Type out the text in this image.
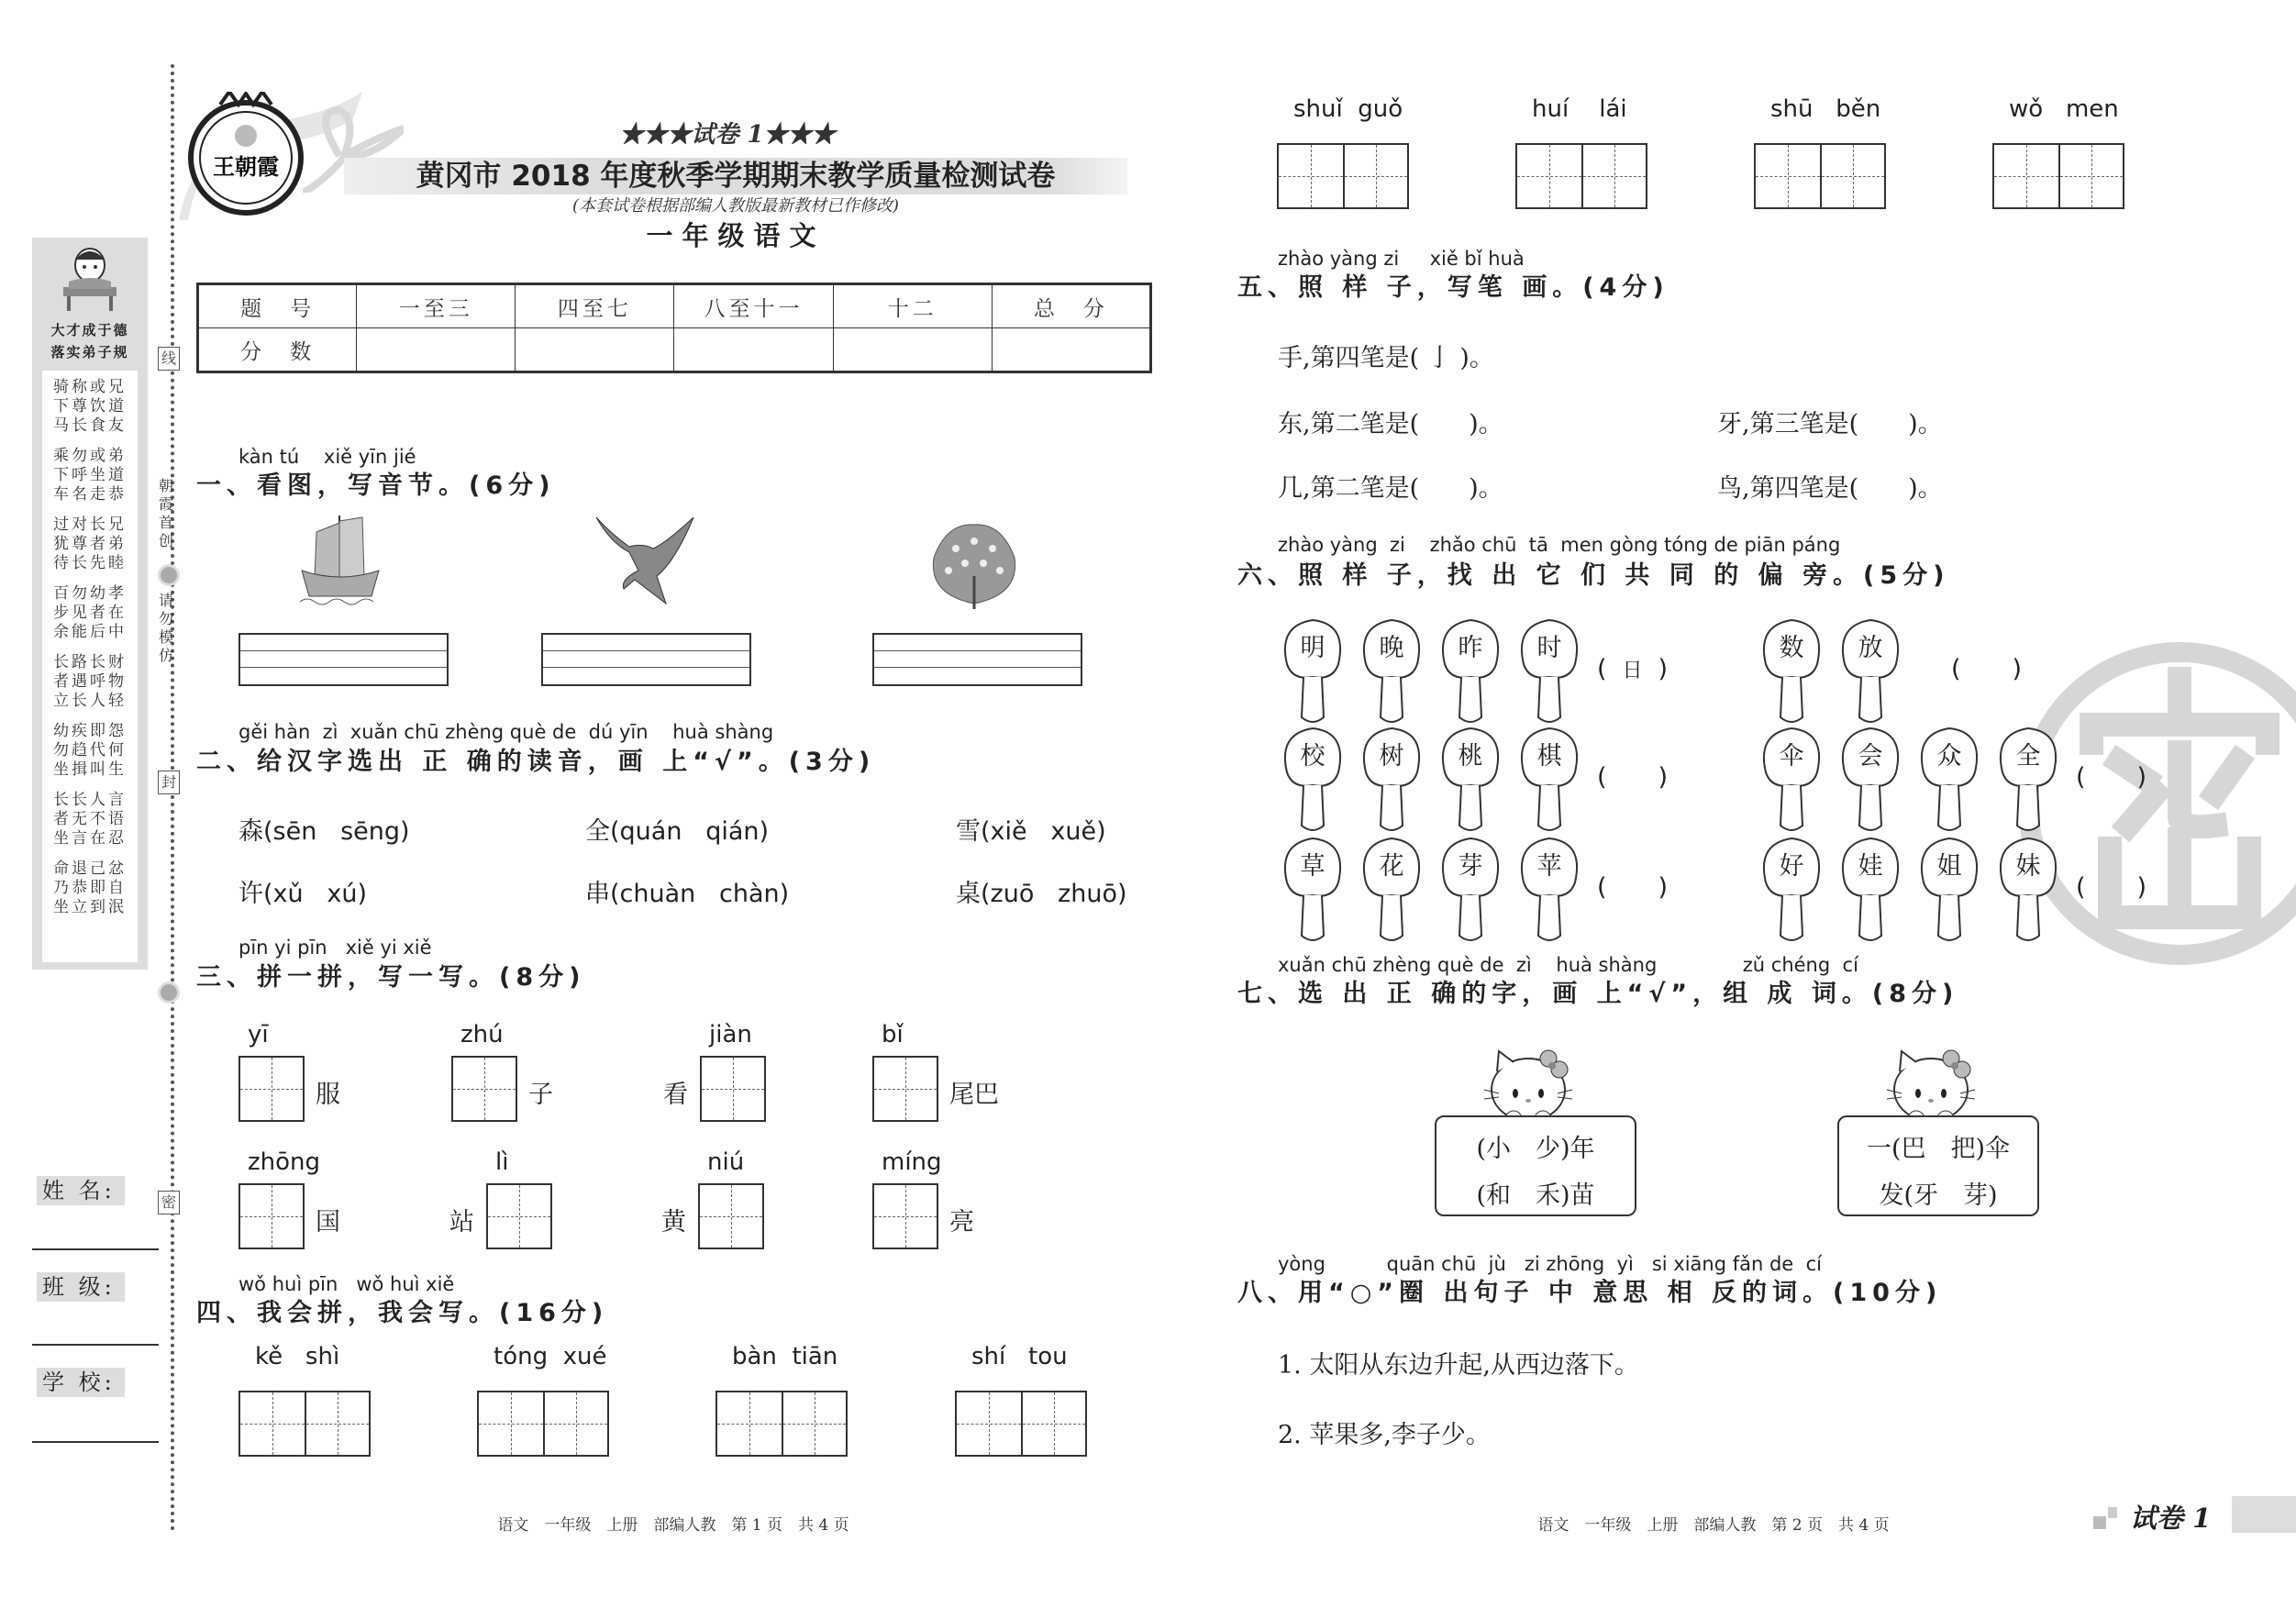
线
朝霞首创
请勿模仿
封
密
大才成于德
落实弟子规
骑称或兄
下尊饮道
马长食友
乘勿或弟
下呼坐道
车名走恭
过对长兄
犹尊者弟
待长先睦
百勿幼孝
步见者在
余能后中
长路长财
者遇呼物
立长人轻
幼疾即怨
勿趋代何
坐揖叫生
长长人言
者无不语
坐言在忍
命退己忿
乃恭即自
坐立到泯
姓 名:
班 级:
学 校:
王朝霞
★★★试卷 1★★★
黄冈市 2018 年度秋季学期期末教学质量检测试卷
(本套试卷根据部编人教版最新教材已作修改)
一年级语文
题　号	一至三	四至七	八至十一	十二	总　分
分　数					
kàn tú    xiě yīn jié
一、看图，写音节。(6分)
gěi hàn  zì  xuǎn chū zhèng què de  dú yīn    huà shàng
二、给汉字选出 正 确的读音，画 上“√”。(3分)
森(sēn   sēng)	全(quán   qián)	雪(xiě   xuě)
许(xǔ   xú)	串(chuàn   chàn)	桌(zuō   zhuō)
pīn yi pīn   xiě yi xiě
三、拼一拼，写一写。(8分)
yī
服
zhú
子
jiàn
看
bǐ
尾巴
zhōng
国
lì
站
niú
黄
míng
亮
wǒ huì pīn   wǒ huì xiě
四、我会拼，我会写。(16分)
kě   shì	tóng  xué	bàn  tiān	shí   tou
shuǐ  guǒ	huí    lái	shū   běn	wǒ   men
语文　一年级　上册　部编人教　第 1 页　共 4 页
zhào yàng zi     xiě bǐ huà
五、照 样 子，写笔 画。(4分)
手,第四笔是( 亅 )。
东,第二笔是(　　)。	牙,第三笔是(　　)。
几,第二笔是(　　)。	鸟,第四笔是(　　)。
zhào yàng  zi    zhǎo chū  tā  men gòng tóng de piān páng
六、照 样 子，找 出 它 们 共 同 的 偏 旁。(5分)
明	晚	昨	时
( 日 )
数	放
( )
校	树	桃	棋
( )
伞	会	众	全
( )
草	花	芽	苹
( )
好	娃	姐	妹
( )
xuǎn chū zhèng què de  zì    huà shàng              zǔ chéng  cí
七、选 出 正 确的字，画 上“√”，组 成 词。(8分)
(小　少)年
(和　禾)苗
一(巴　把)伞
发(牙　芽)
yòng          quān chū  jù   zi zhōng  yì   si xiāng fǎn de  cí
八、用“○”圈 出句子 中 意思 相 反的词。(10分)
1. 太阳从东边升起,从西边落下。
2. 苹果多,李子少。
语文　一年级　上册　部编人教　第 2 页　共 4 页	试卷 1
